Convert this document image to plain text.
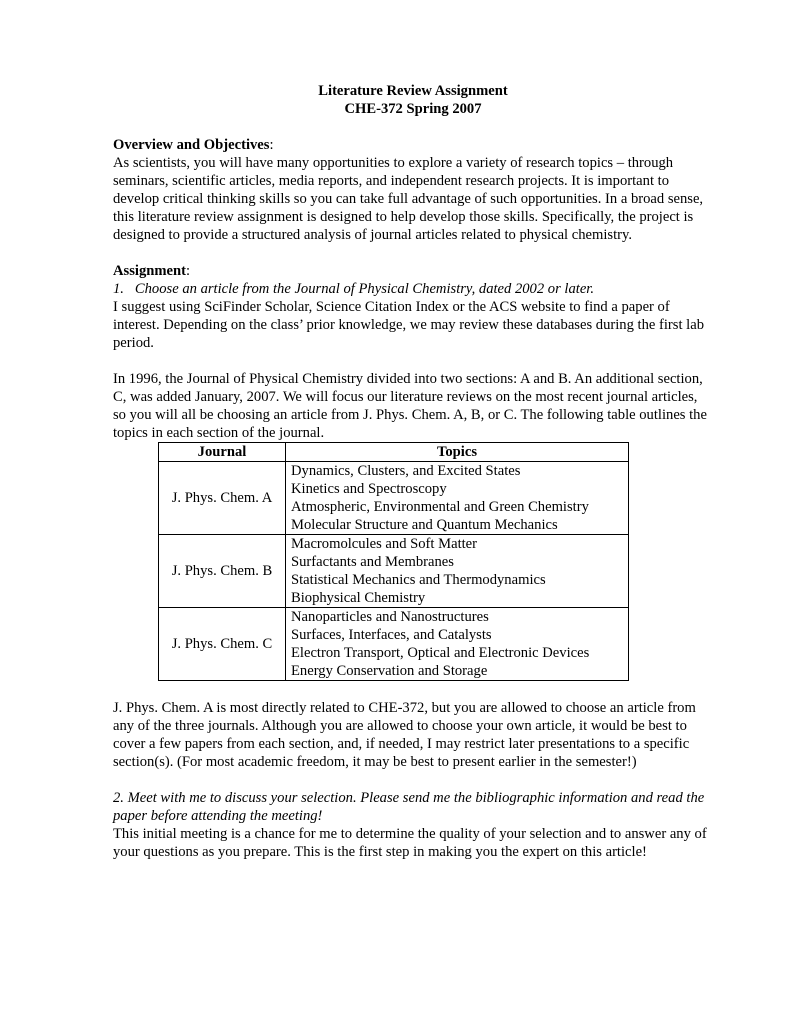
Literature Review Assignment
CHE-372 Spring 2007
Overview and Objectives:

As scientists, you will have many opportunities to explore a variety of research topics – through seminars, scientific articles, media reports, and independent research projects. It is important to develop critical thinking skills so you can take full advantage of such opportunities. In a broad sense, this literature review assignment is designed to help develop those skills. Specifically, the project is designed to provide a structured analysis of journal articles related to physical chemistry.

Assignment:

1.   Choose an article from the Journal of Physical Chemistry, dated 2002 or later.

I suggest using SciFinder Scholar, Science Citation Index or the ACS website to find a paper of interest. Depending on the class’ prior knowledge, we may review these databases during the first lab period.

In 1996, the Journal of Physical Chemistry divided into two sections: A and B. An additional section, C, was added January, 2007. We will focus our literature reviews on the most recent journal articles, so you will all be choosing an article from J. Phys. Chem. A, B, or C. The following table outlines the topics in each section of the journal.

Journal	Topics
J. Phys. Chem. A	Dynamics, Clusters, and Excited States
Kinetics and Spectroscopy
Atmospheric, Environmental and Green Chemistry
Molecular Structure and Quantum Mechanics

J. Phys. Chem. B	Macromolcules and Soft Matter
Surfactants and Membranes
Statistical Mechanics and Thermodynamics
Biophysical Chemistry

J. Phys. Chem. C	Nanoparticles and Nanostructures
Surfaces, Interfaces, and Catalysts
Electron Transport, Optical and Electronic Devices
Energy Conservation and Storage

J. Phys. Chem. A is most directly related to CHE-372, but you are allowed to choose an article from any of the three journals. Although you are allowed to choose your own article, it would be best to cover a few papers from each section, and, if needed, I may restrict later presentations to a specific section(s). (For most academic freedom, it may be best to present earlier in the semester!)

2. Meet with me to discuss your selection. Please send me the bibliographic information and read the paper before attending the meeting!

This initial meeting is a chance for me to determine the quality of your selection and to answer any of your questions as you prepare. This is the first step in making you the expert on this article!
